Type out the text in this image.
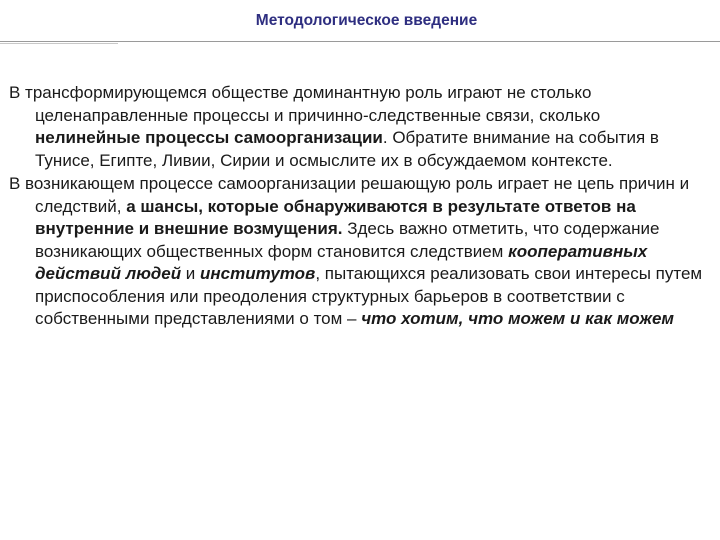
Методологическое введение

В трансформирующемся обществе доминантную роль играют не столько целенаправленные процессы и причинно-следственные связи, сколько нелинейные процессы самоорганизации. Обратите внимание на события в Тунисе, Египте, Ливии, Сирии и осмыслите их в обсуждаемом контексте.

В возникающем процессе самоорганизации решающую роль играет не цепь причин и следствий, а шансы, которые обнаруживаются в результате ответов на внутренние и внешние возмущения. Здесь важно отметить, что содержание возникающих общественных форм становится следствием кооперативных действий людей и институтов, пытающихся реализовать свои интересы путем приспособления или преодоления структурных барьеров в соответствии с собственными представлениями о том – что хотим, что можем и как можем
